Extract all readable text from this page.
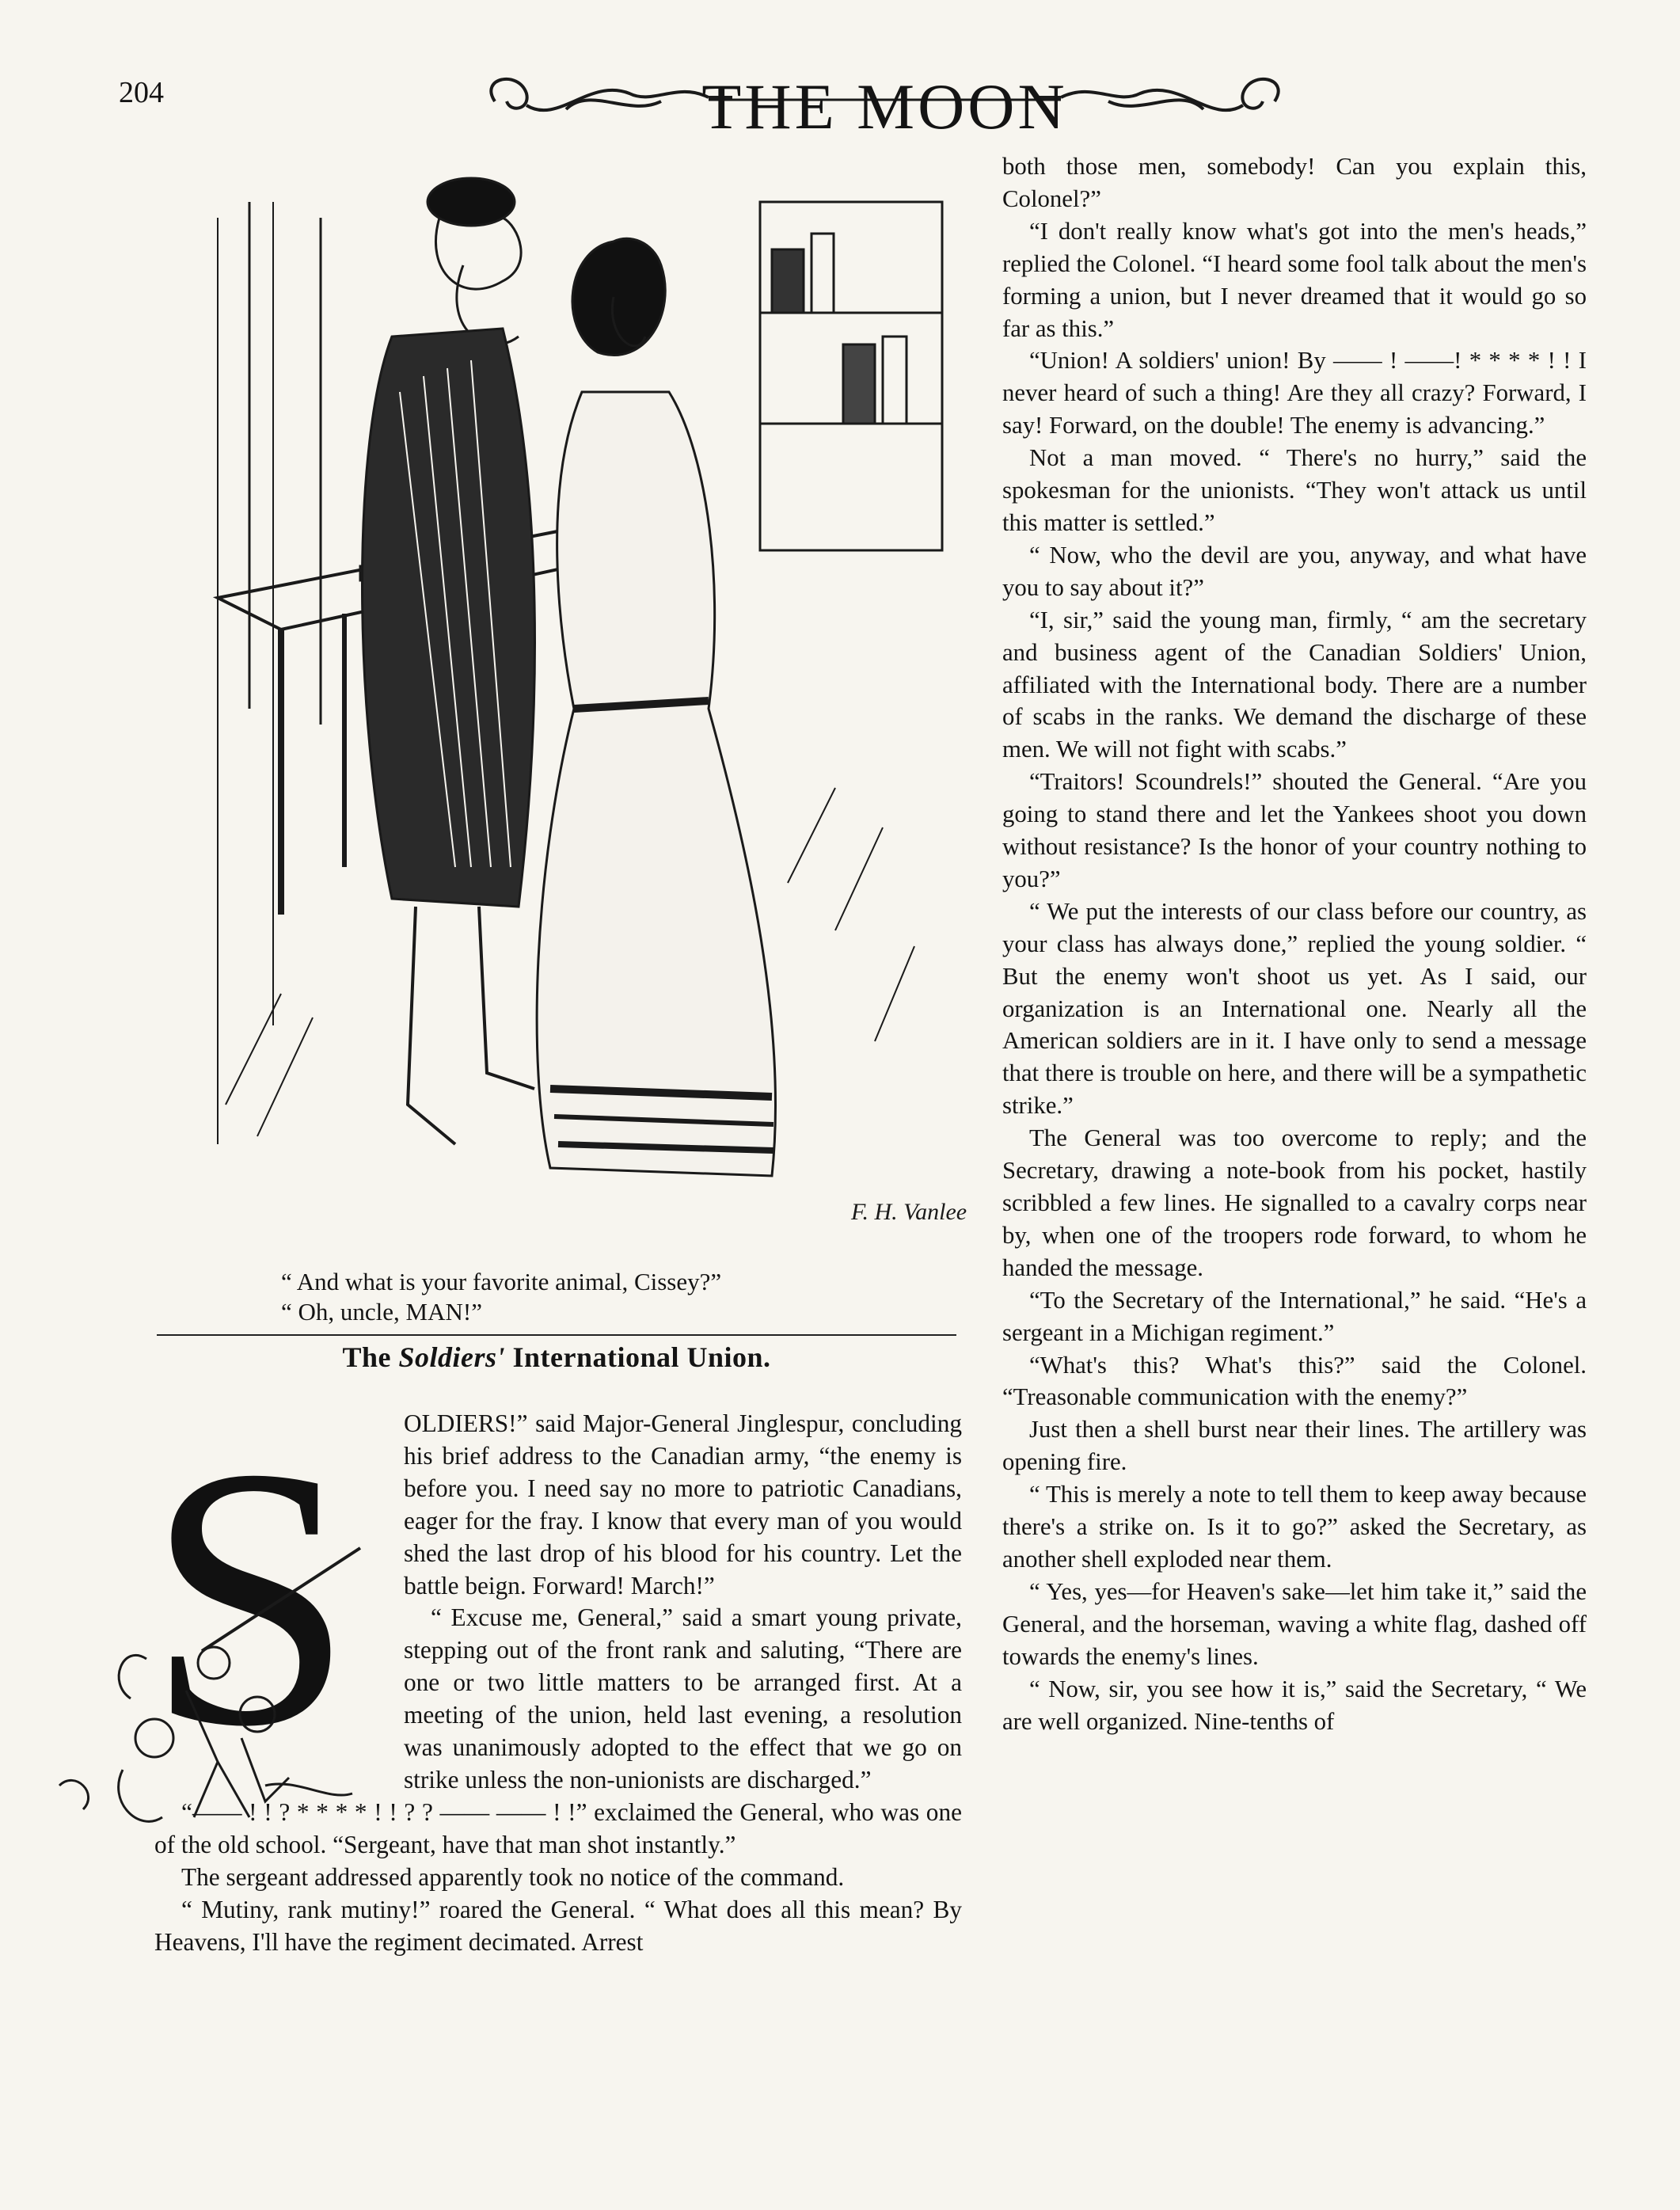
204	THE MOON
F. H. Vanlee
“ And what is your favorite animal, Cissey?”
“ Oh, uncle, MAN!”
The Soldiers' International Union.
S OLDIERS!” said Major-General Jinglespur, concluding his brief address to the Canadian army, “the enemy is before you. I need say no more to patriotic Canadians, eager for the fray. I know that every man of you would shed the last drop of his blood for his country. Let the battle beign. Forward! March!”

“ Excuse me, General,” said a smart young private, stepping out of the front rank and saluting, “There are one or two little matters to be arranged first. At a meeting of the union, held last evening, a resolution was unanimously adopted to the effect that we go on strike unless the non-unionists are discharged.”

“—— ! ! ? * * * * ! ! ? ? —— —— ! !” exclaimed the General, who was one of the old school. “Sergeant, have that man shot instantly.”

The sergeant addressed apparently took no notice of the command.

“ Mutiny, rank mutiny!” roared the General. “ What does all this mean? By Heavens, I'll have the regiment decimated. Arrest

both those men, somebody! Can you explain this, Colonel?”

“I don't really know what's got into the men's heads,” replied the Colonel. “I heard some fool talk about the men's forming a union, but I never dreamed that it would go so far as this.”

“Union! A soldiers' union! By —— ! ——! * * * * ! ! I never heard of such a thing! Are they all crazy? Forward, I say! Forward, on the double! The enemy is advancing.”

Not a man moved. “ There's no hurry,” said the spokesman for the unionists. “They won't attack us until this matter is settled.”

“ Now, who the devil are you, anyway, and what have you to say about it?”

“I, sir,” said the young man, firmly, “ am the secretary and business agent of the Canadian Soldiers' Union, affiliated with the International body. There are a number of scabs in the ranks. We demand the discharge of these men. We will not fight with scabs.”

“Traitors! Scoundrels!” shouted the General. “Are you going to stand there and let the Yankees shoot you down without resistance? Is the honor of your country nothing to you?”

“ We put the interests of our class before our country, as your class has always done,” replied the young soldier. “ But the enemy won't shoot us yet. As I said, our organization is an International one. Nearly all the American soldiers are in it. I have only to send a message that there is trouble on here, and there will be a sympathetic strike.”

The General was too overcome to reply; and the Secretary, drawing a note-book from his pocket, hastily scribbled a few lines. He signalled to a cavalry corps near by, when one of the troopers rode forward, to whom he handed the message.

“To the Secretary of the International,” he said. “He's a sergeant in a Michigan regiment.”

“What's this? What's this?” said the Colonel. “Treasonable communication with the enemy?”

Just then a shell burst near their lines. The artillery was opening fire.

“ This is merely a note to tell them to keep away because there's a strike on. Is it to go?” asked the Secretary, as another shell exploded near them.

“ Yes, yes—for Heaven's sake—let him take it,” said the General, and the horseman, waving a white flag, dashed off towards the enemy's lines.

“ Now, sir, you see how it is,” said the Secretary, “ We are well organized. Nine-tenths of
